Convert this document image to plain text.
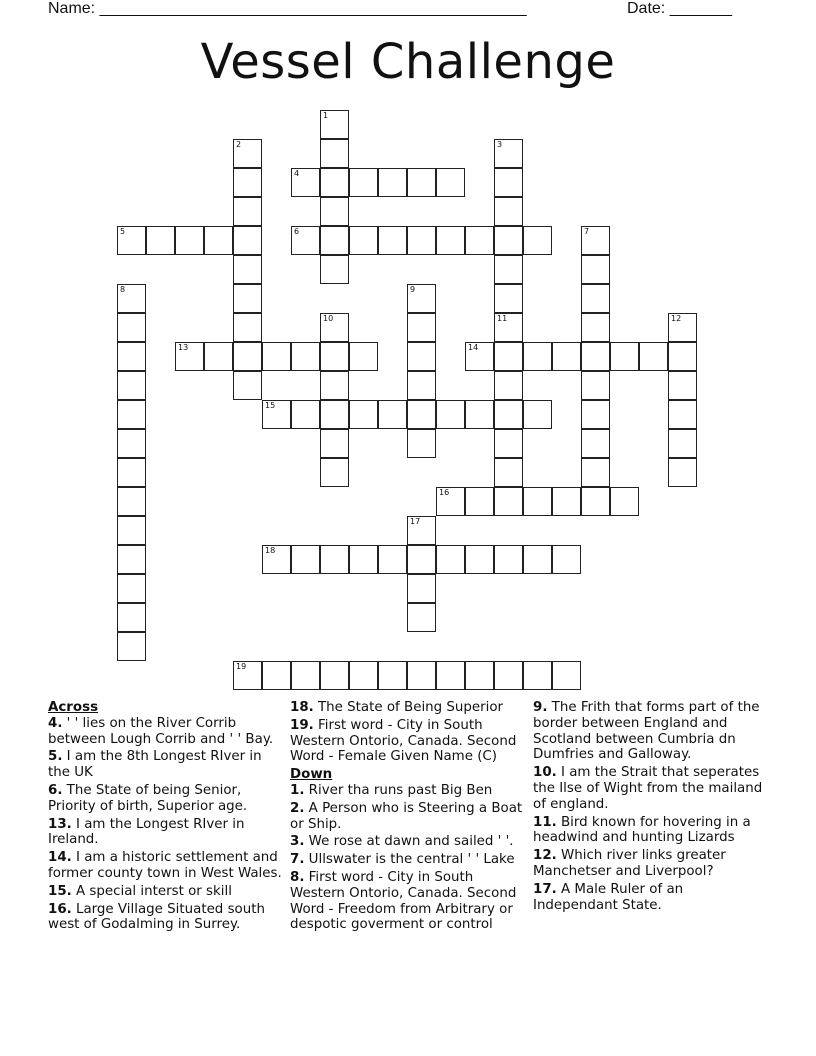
Name: ________________________________________________	Date: _______
Vessel Challenge
1
2	3
4
5	6	7
8	9
10	11	12
13	14
15
16
17
18
19

Across

4. ' ' lies on the River Corrib between Lough Corrib and ' ' Bay.
5. I am the 8th Longest RIver in the UK
6. The State of being Senior, Priority of birth, Superior age.
13. I am the Longest RIver in Ireland.
14. I am a historic settlement and former county town in West Wales.
15. A special interst or skill
16. Large Village Situated south west of Godalming in Surrey.
18. The State of Being Superior
19. First word - City in South Western Ontorio, Canada. Second Word - Female Given Name (C)

Down

1. River tha runs past Big Ben
2. A Person who is Steering a Boat or Ship.
3. We rose at dawn and sailed ' '.
7. Ullswater is the central ' ' Lake
8. First word - City in South Western Ontorio, Canada. Second Word - Freedom from Arbitrary or despotic goverment or control
9. The Frith that forms part of the border between England and Scotland between Cumbria dn Dumfries and Galloway.
10. I am the Strait that seperates the Ilse of Wight from the mailand of england.
11. Bird known for hovering in a headwind and hunting Lizards
12. Which river links greater Manchetser and Liverpool?
17. A Male Ruler of an Independant State.
